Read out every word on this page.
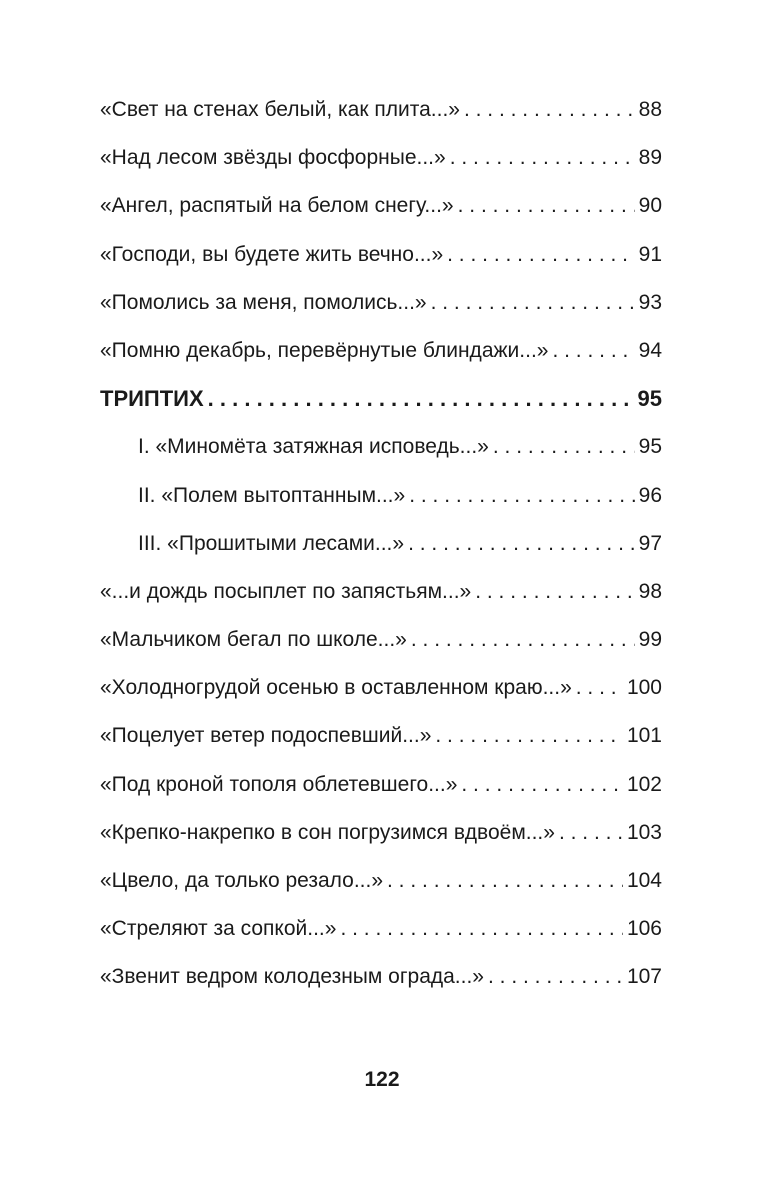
«Свет на стенах белый, как плита...» . . .	88
«Над лесом звёзды фосфорные...» . . .	89
«Ангел, распятый на белом снегу...» . . .	90
«Господи, вы будете жить вечно...» . . .	91
«Помолись за меня, помолись...» . . .	93
«Помню декабрь, перевёрнутые блиндажи...» . . .	94
ТРИПТИХ . . .	95
I. «Миномёта затяжная исповедь...» . . .	95
II. «Полем вытоптанным...» . . .	96
III. «Прошитыми лесами...» . . .	97
«...и дождь посыплет по запястьям...» . . .	98
«Мальчиком бегал по школе...» . . .	99
«Холодногрудой осенью в оставленном краю...» . . .	100
«Поцелует ветер подоспевший...» . . .	101
«Под кроной тополя облетевшего...» . . .	102
«Крепко-накрепко в сон погрузимся вдвоём...» . . .	103
«Цвело, да только резало...» . . .	104
«Стреляют за сопкой...» . . .	106
«Звенит ведром колодезным ограда...» . . .	107
122
